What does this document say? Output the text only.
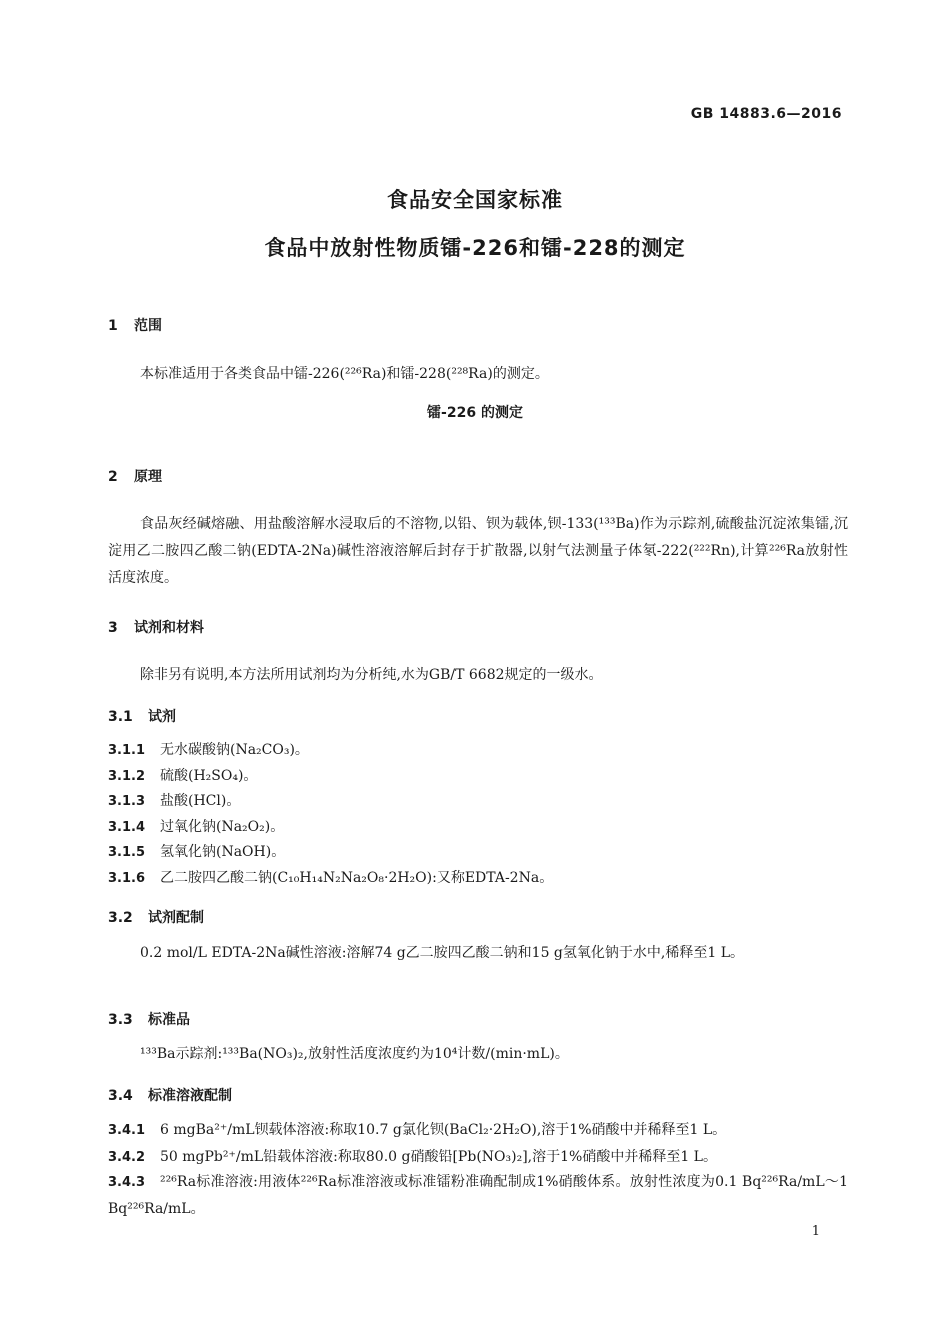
GB 14883.6—2016
食品安全国家标准
食品中放射性物质镭-226和镭-228的测定
1 范围
本标准适用于各类食品中镭-226(²²⁶Ra)和镭-228(²²⁸Ra)的测定。
镭-226 的测定
2 原理
食品灰经碱熔融、用盐酸溶解水浸取后的不溶物,以铅、钡为载体,钡-133(¹³³Ba)作为示踪剂,硫酸盐沉淀浓集镭,沉淀用乙二胺四乙酸二钠(EDTA-2Na)碱性溶液溶解后封存于扩散器,以射气法测量子体氡-222(²²²Rn),计算²²⁶Ra放射性活度浓度。
3 试剂和材料
除非另有说明,本方法所用试剂均为分析纯,水为GB/T 6682规定的一级水。
3.1 试剂
3.1.1 无水碳酸钠(Na₂CO₃)。
3.1.2 硫酸(H₂SO₄)。
3.1.3 盐酸(HCl)。
3.1.4 过氧化钠(Na₂O₂)。
3.1.5 氢氧化钠(NaOH)。
3.1.6 乙二胺四乙酸二钠(C₁₀H₁₄N₂Na₂O₈·2H₂O):又称EDTA-2Na。
3.2 试剂配制
0.2 mol/L EDTA-2Na碱性溶液:溶解74 g乙二胺四乙酸二钠和15 g氢氧化钠于水中,稀释至1 L。
3.3 标准品
¹³³Ba示踪剂:¹³³Ba(NO₃)₂,放射性活度浓度约为10⁴计数/(min·mL)。
3.4 标准溶液配制
3.4.1 6 mgBa²⁺/mL钡载体溶液:称取10.7 g氯化钡(BaCl₂·2H₂O),溶于1%硝酸中并稀释至1 L。
3.4.2 50 mgPb²⁺/mL铅载体溶液:称取80.0 g硝酸铅[Pb(NO₃)₂],溶于1%硝酸中并稀释至1 L。
3.4.3 ²²⁶Ra标准溶液:用液体²²⁶Ra标准溶液或标准镭粉准确配制成1%硝酸体系。放射性浓度为0.1 Bq²²⁶Ra/mL～1 Bq²²⁶Ra/mL。
1
